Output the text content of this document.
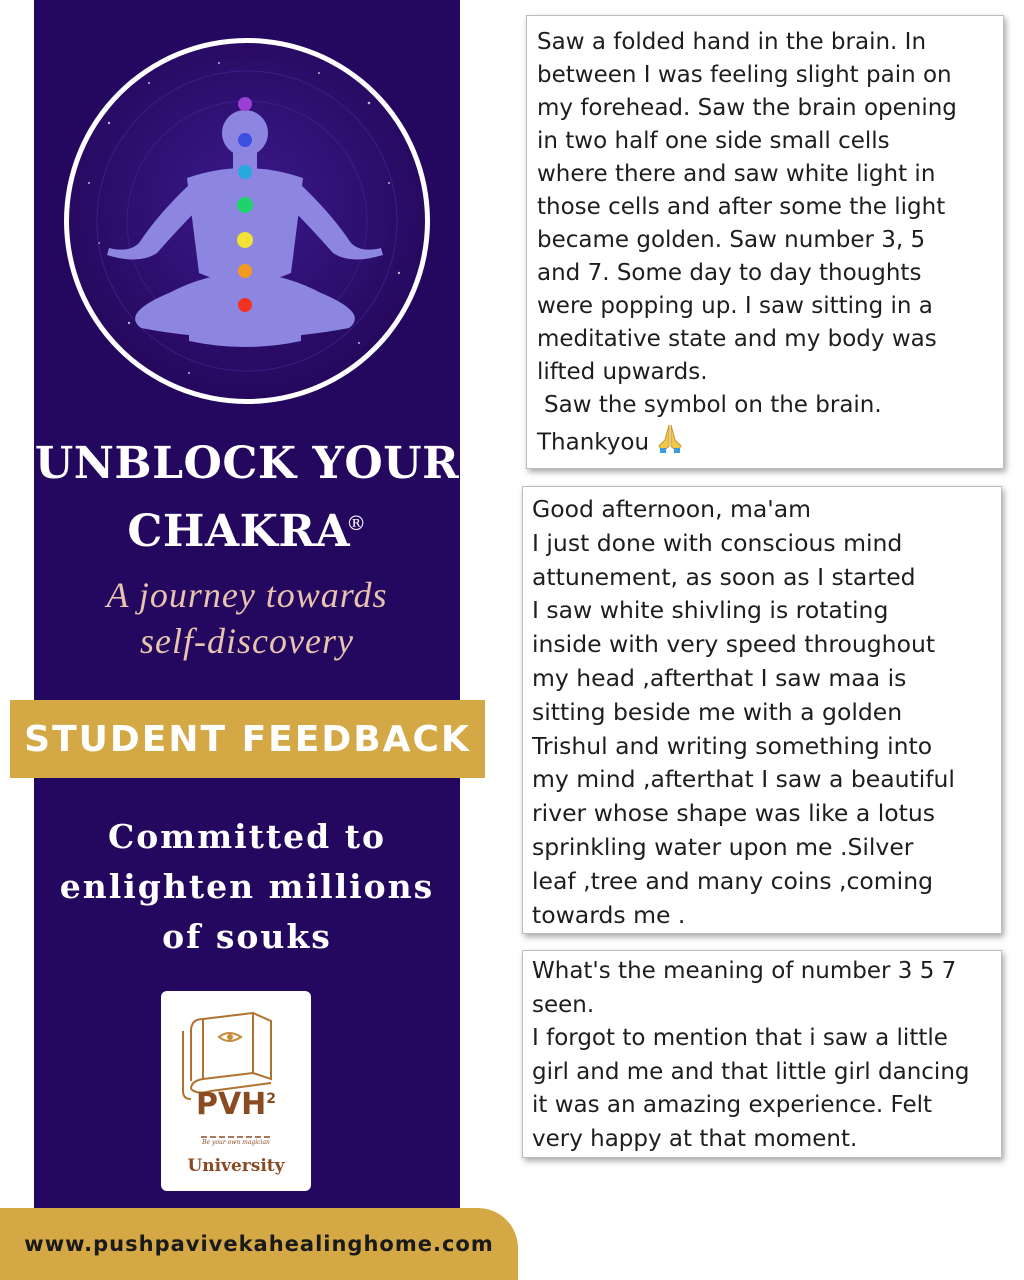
UNBLOCK YOUR
CHAKRA®
A journey towards
self-discovery
STUDENT FEEDBACK
Committed to
enlighten millions
of souks
PVH$^2$
Be your own magician
University
www.pushpavivekahealinghome.com
Saw a folded hand in the brain. In
between I was feeling slight pain on
my forehead. Saw the brain opening
in two half one side small cells
where there and saw white light in
those cells and after some the light
became golden. Saw number 3, 5
and 7. Some day to day thoughts
were popping up. I saw sitting in a
meditative state and my body was
lifted upwards.
Saw the symbol on the brain.
Thankyou
Good afternoon, ma'am
I just done with conscious mind
attunement, as soon as I started
I saw white shivling is rotating
inside with very speed throughout
my head ,afterthat I saw maa is
sitting beside me with a golden
Trishul and writing something into
my mind ,afterthat I saw a beautiful
river whose shape was like a lotus
sprinkling water upon me .Silver
leaf ,tree and many coins ,coming
towards me .
What's the meaning of number 3 5 7
seen.
I forgot to mention that i saw a little
girl and me and that little girl dancing
it was an amazing experience. Felt
very happy at that moment.
